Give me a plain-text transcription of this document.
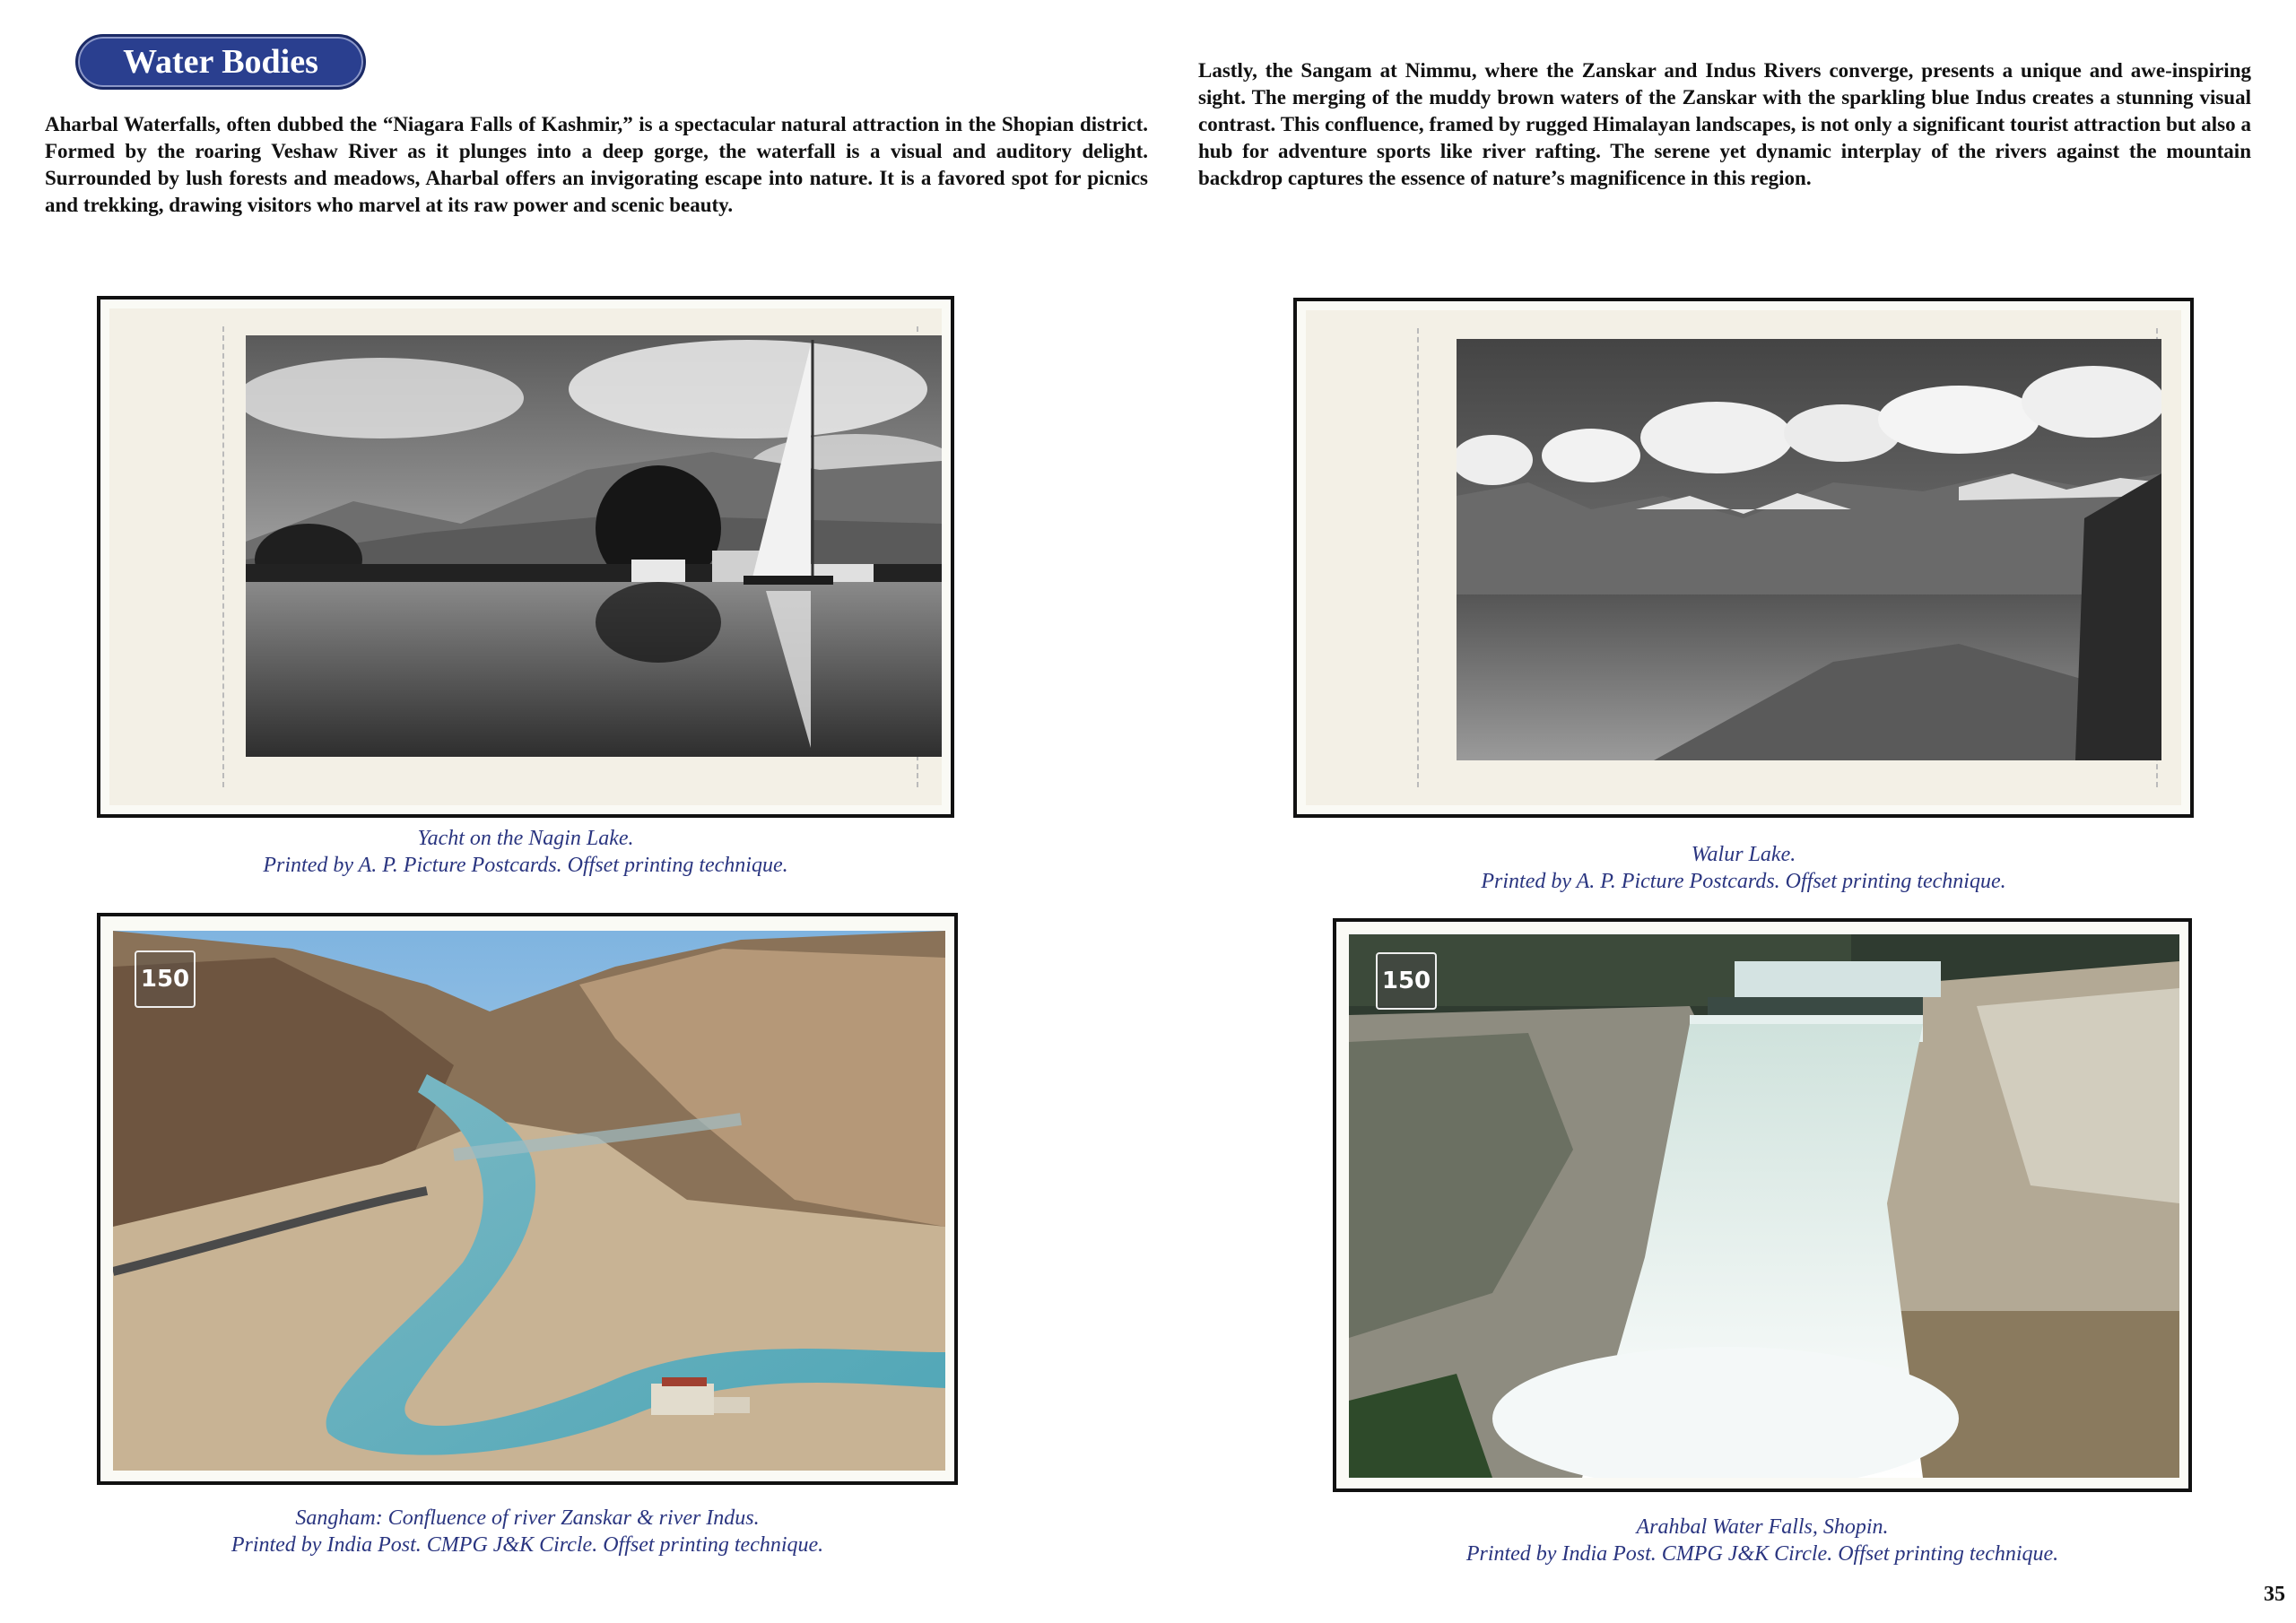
Water Bodies

Aharbal Waterfalls, often dubbed the “Niagara Falls of Kashmir,” is a spectacular natural attraction in the Shopian district. Formed by the roaring Veshaw River as it plunges into a deep gorge, the waterfall is a visual and auditory delight. Surrounded by lush forests and meadows, Aharbal offers an invigorating escape into nature. It is a favored spot for picnics and trekking, drawing visitors who marvel at its raw power and scenic beauty.

Lastly, the Sangam at Nimmu, where the Zanskar and Indus Rivers converge, presents a unique and awe-inspiring sight. The merging of the muddy brown waters of the Zanskar with the sparkling blue Indus creates a stunning visual contrast. This confluence, framed by rugged Himalayan landscapes, is not only a significant tourist attraction but also a hub for adventure sports like river rafting. The serene yet dynamic interplay of the rivers against the mountain backdrop captures the essence of nature’s magnificence in this region.

Yacht on the Nagin Lake.
Printed by A. P. Picture Postcards. Offset printing technique.	Walur Lake.
Printed by A. P. Picture Postcards. Offset printing technique.

150

Sangham: Confluence of river Zanskar & river Indus.
Printed by India Post. CMPG J&K Circle. Offset printing technique.

150

Arahbal Water Falls, Shopin.
Printed by India Post. CMPG J&K Circle. Offset printing technique.

35
